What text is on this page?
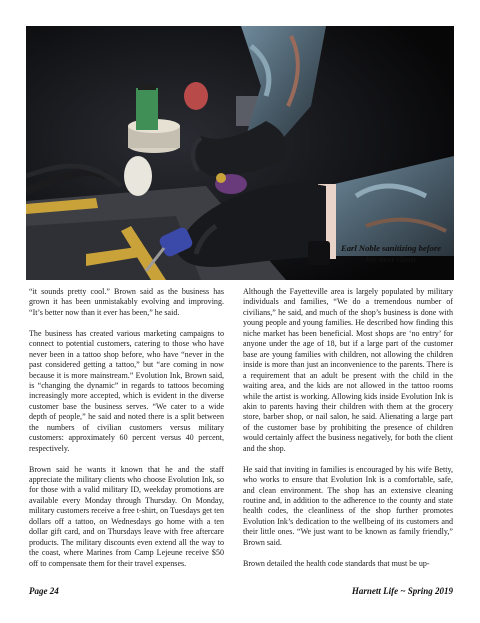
Earl Noble sanitizing before
his next client

“it sounds pretty cool.” Brown said as the business has grown it has been unmistakably evolving and improving. “It’s better now than it ever has been,” he said.

The business has created various marketing campaigns to connect to potential customers, catering to those who have never been in a tattoo shop before, who have “never in the past considered getting a tattoo,” but “are coming in now because it is more mainstream.” Evolution Ink, Brown said, is “changing the dynamic” in regards to tattoos becoming increasingly more accepted, which is evident in the diverse customer base the business serves. “We cater to a wide depth of people,” he said and noted there is a split between the numbers of civilian customers versus military customers: approximately 60 percent versus 40 percent, respectively.

Brown said he wants it known that he and the staff appreciate the military clients who choose Evolution Ink, so for those with a valid military ID, weekday promotions are available every Monday through Thursday. On Monday, military customers receive a free t-shirt, on Tuesdays get ten dollars off a tattoo, on Wednesdays go home with a ten dollar gift card, and on Thursdays leave with free aftercare products. The military discounts even extend all the way to the coast, where Marines from Camp Lejeune receive $50 off to compensate them for their travel expenses.

Although the Fayetteville area is largely populated by military individuals and families, “We do a tremendous number of civilians,” he said, and much of the shop’s business is done with young people and young families. He described how finding this niche market has been beneficial. Most shops are ‘no entry’ for anyone under the age of 18, but if a large part of the customer base are young families with children, not allowing the children inside is more than just an inconvenience to the parents. There is a requirement that an adult be present with the child in the waiting area, and the kids are not allowed in the tattoo rooms while the artist is working. Allowing kids inside Evolution Ink is akin to parents having their children with them at the grocery store, barber shop, or nail salon, he said. Alienating a large part of the customer base by prohibiting the presence of children would certainly affect the business negatively, for both the client and the shop.

He said that inviting in families is encouraged by his wife Betty, who works to ensure that Evolution Ink is a comfortable, safe, and clean environment. The shop has an extensive cleaning routine and, in addition to the adherence to the county and state health codes, the cleanliness of the shop further promotes Evolution Ink’s dedication to the wellbeing of its customers and their little ones. “We just want to be known as family friendly,” Brown said.

Brown detailed the health code standards that must be up-

Page 24	Harnett Life ~ Spring 2019
